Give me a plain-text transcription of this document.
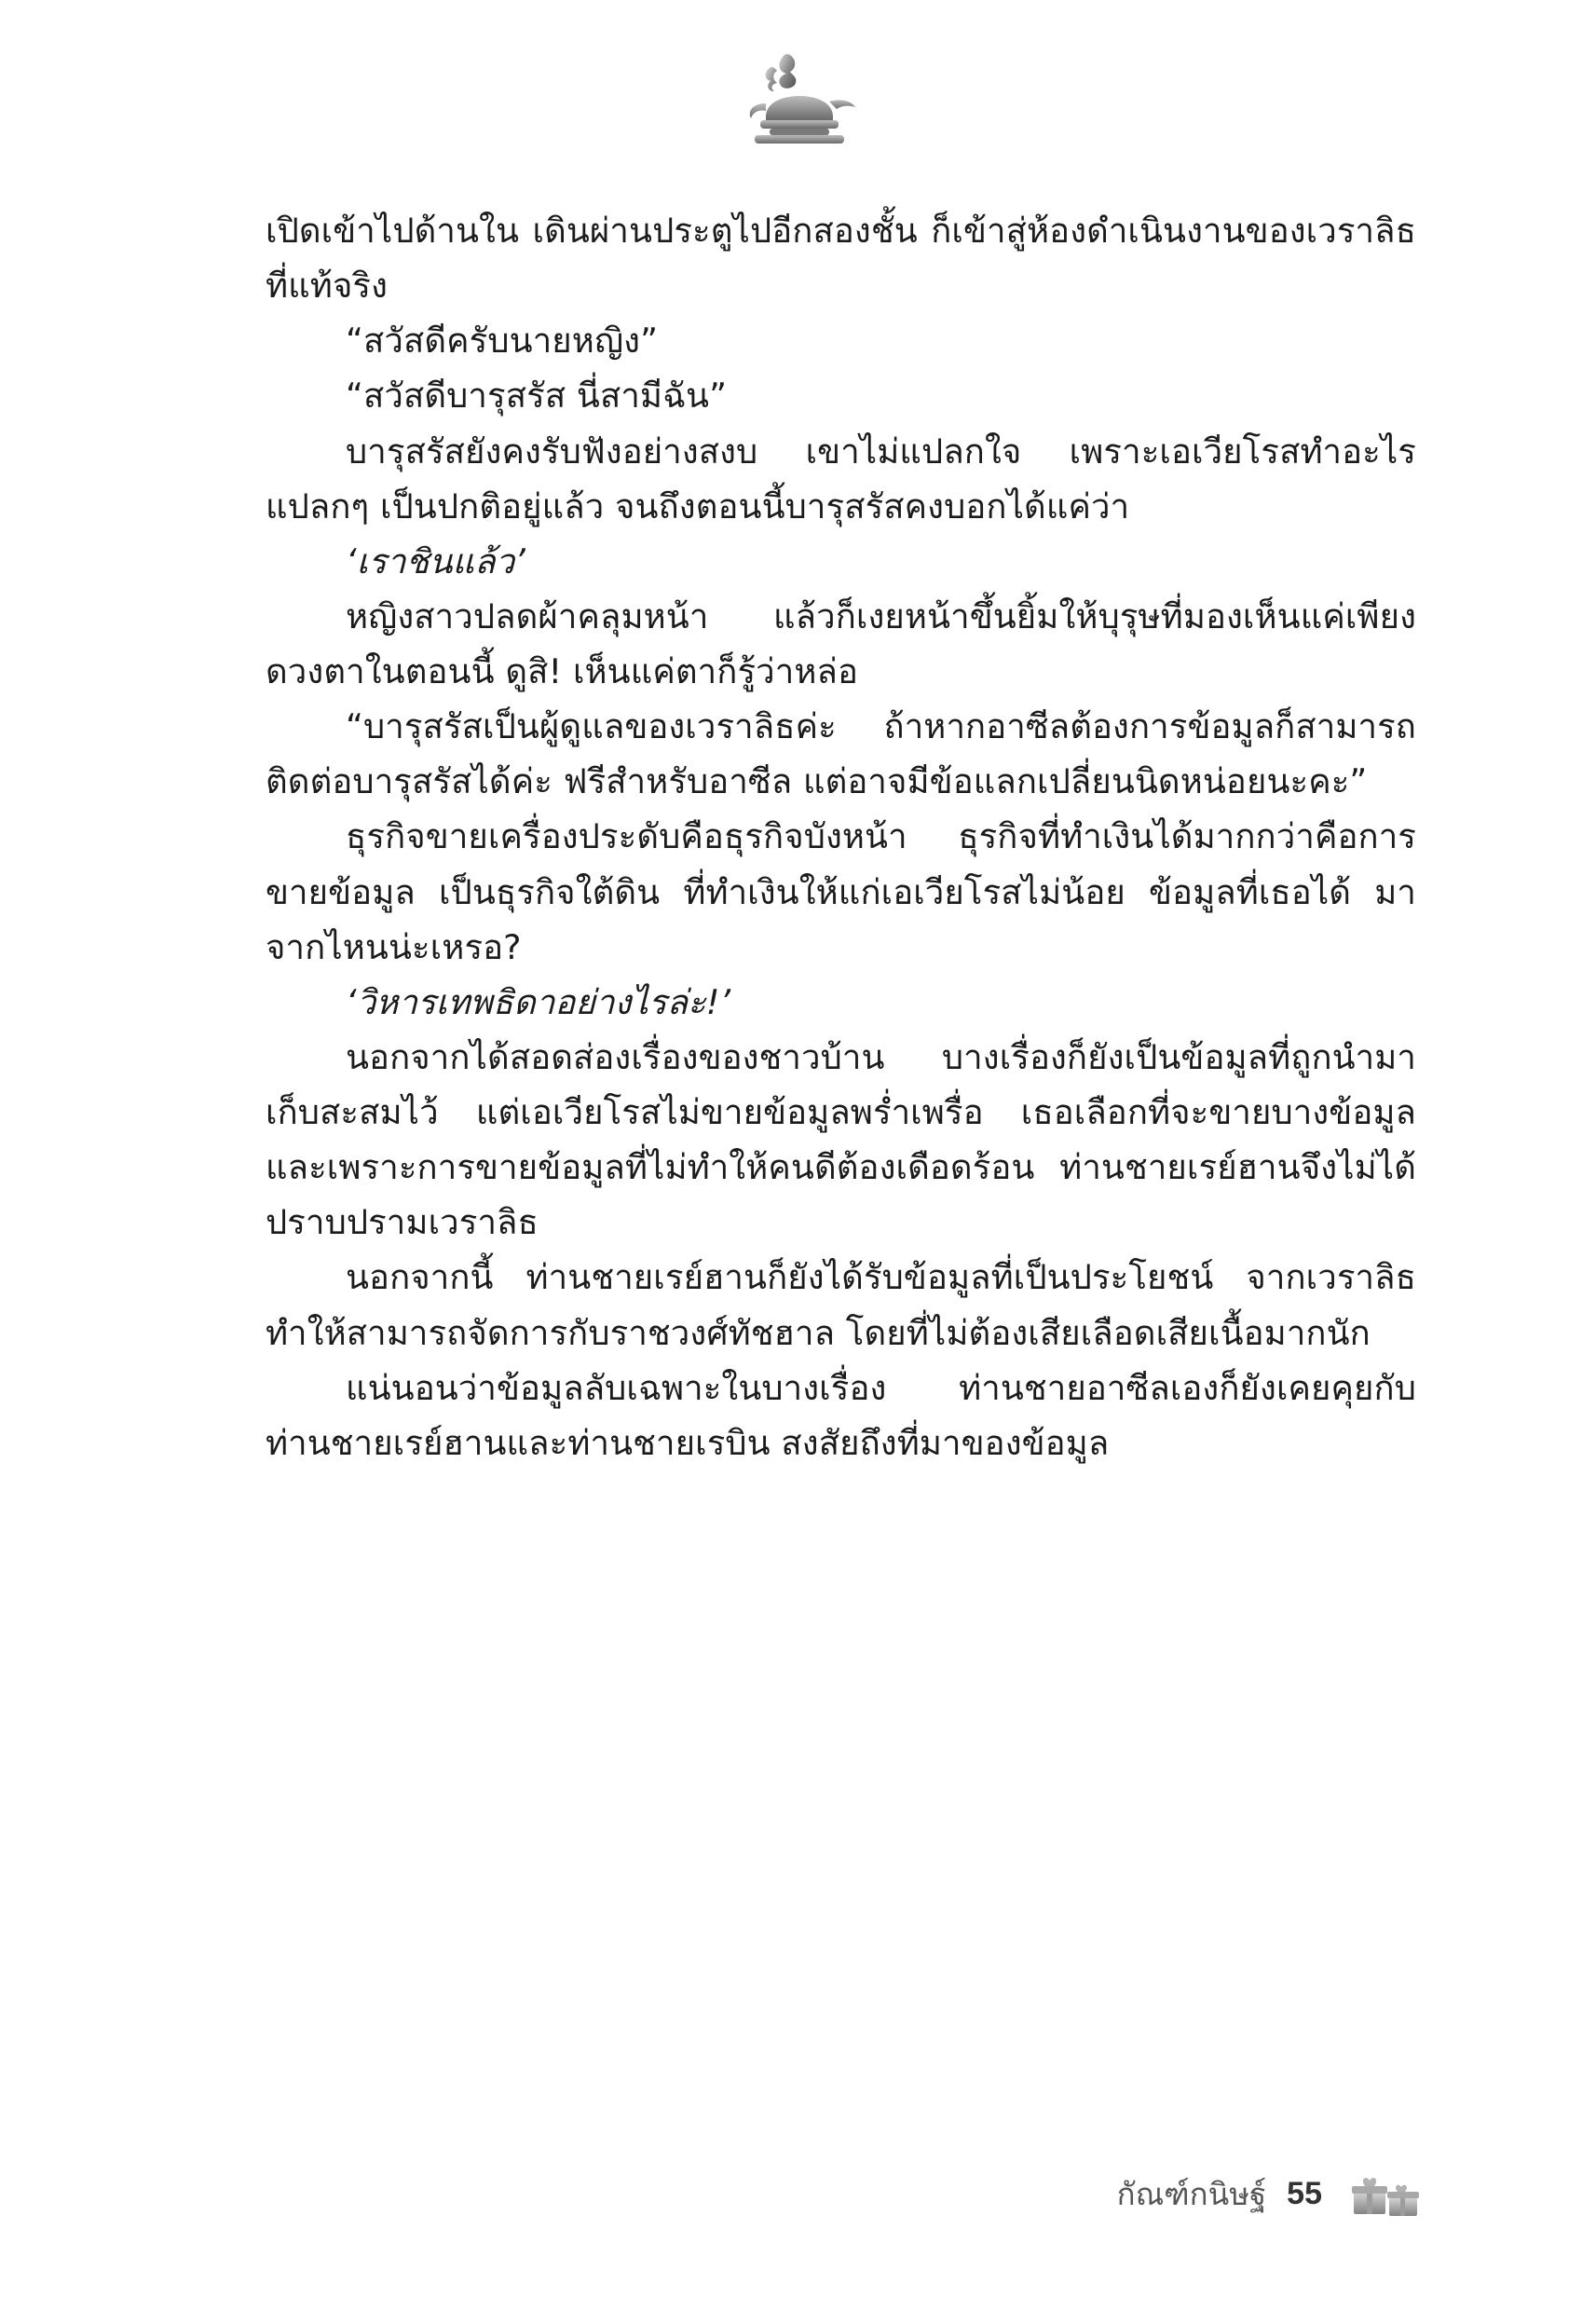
เปิดเข้าไปด้านใน เดินผ่านประตูไปอีกสองชั้น ก็เข้าสู่ห้องดำเนินงานของเวราลิธที่แท้จริง

“สวัสดีครับนายหญิง”

“สวัสดีบารุสรัส นี่สามีฉัน”

บารุสรัสยังคงรับฟังอย่างสงบ เขาไม่แปลกใจ เพราะเอเวียโรสทำอะไรแปลกๆ เป็นปกติอยู่แล้ว จนถึงตอนนี้บารุสรัสคงบอกได้แค่ว่า

‘เราชินแล้ว’

หญิงสาวปลดผ้าคลุมหน้า แล้วก็เงยหน้าขึ้นยิ้มให้บุรุษที่มองเห็นแค่เพียงดวงตาในตอนนี้ ดูสิ! เห็นแค่ตาก็รู้ว่าหล่อ

“บารุสรัสเป็นผู้ดูแลของเวราลิธค่ะ ถ้าหากอาซีลต้องการข้อมูลก็สามารถติดต่อบารุสรัสได้ค่ะ ฟรีสำหรับอาซีล แต่อาจมีข้อแลกเปลี่ยนนิดหน่อยนะคะ”

ธุรกิจขายเครื่องประดับคือธุรกิจบังหน้า ธุรกิจที่ทำเงินได้มากกว่าคือการขายข้อมูล เป็นธุรกิจใต้ดิน ที่ทำเงินให้แก่เอเวียโรสไม่น้อย ข้อมูลที่เธอได้ มาจากไหนน่ะเหรอ?

‘วิหารเทพธิดาอย่างไรล่ะ!’

นอกจากได้สอดส่องเรื่องของชาวบ้าน บางเรื่องก็ยังเป็นข้อมูลที่ถูกนำมาเก็บสะสมไว้ แต่เอเวียโรสไม่ขายข้อมูลพร่ำเพรื่อ เธอเลือกที่จะขายบางข้อมูล และเพราะการขายข้อมูลที่ไม่ทำให้คนดีต้องเดือดร้อน ท่านชายเรย์ฮานจึงไม่ได้ปราบปรามเวราลิธ

นอกจากนี้ ท่านชายเรย์ฮานก็ยังได้รับข้อมูลที่เป็นประโยชน์ จากเวราลิธ ทำให้สามารถจัดการกับราชวงศ์ทัชฮาล โดยที่ไม่ต้องเสียเลือดเสียเนื้อมากนัก

แน่นอนว่าข้อมูลลับเฉพาะในบางเรื่อง ท่านชายอาซีลเองก็ยังเคยคุยกับท่านชายเรย์ฮานและท่านชายเรบิน สงสัยถึงที่มาของข้อมูล

กัณฑ์กนิษฐ์ 55
